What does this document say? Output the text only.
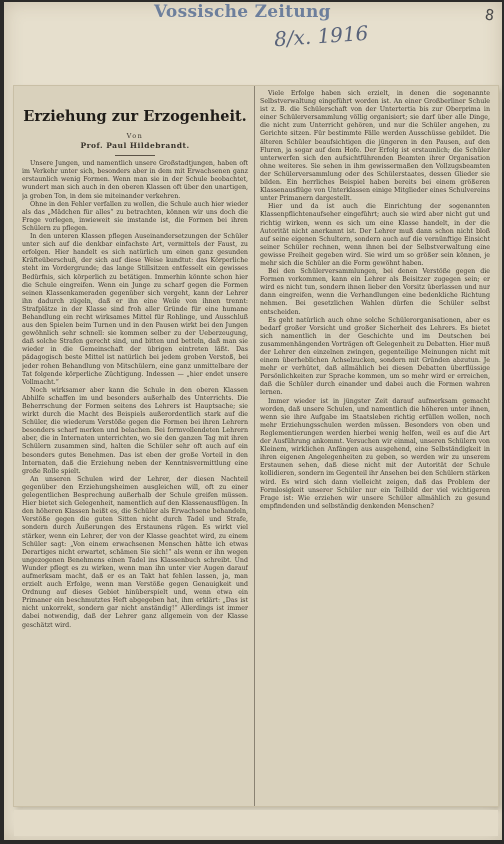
Vossische Zeitung
8/x. 1916
8
Erziehung zur Erzogenheit.
Von
Prof. Paul Hildebrandt.

Unsere Jungen, und namentlich unsere Großstadtjungen, haben oft im Verkehr unter sich, besonders aber in dem mit Erwachsenen ganz erstaunlich wenig Formen. Wenn man sie in der Schule beobachtet, wundert man sich auch in den oberen Klassen oft über den unartigen, ja groben Ton, in dem sie miteinander verkehren.

Ohne in den Fehler verfallen zu wollen, die Schule auch hier wieder als das „Mädchen für alles“ zu betrachten, können wir uns doch die Frage vorlegen, inwieweit sie imstande ist, die Formen bei ihren Schülern zu pflegen.

In den unteren Klassen pflegen Auseinandersetzungen der Schüler unter sich auf die denkbar einfachste Art, vermittels der Faust, zu erfolgen. Hier handelt es sich natürlich um einen ganz gesunden Kräfteüberschuß, der sich auf diese Weise kundtut: das Körperliche steht im Vordergrunde; das lange Stillsitzen entfesselt ein gewisses Bedürfnis, sich körperlich zu betätigen. Immerhin könnte schon hier die Schule eingreifen. Wenn ein Junge zu scharf gegen die Formen seinen Klassenkameraden gegenüber sich vergeht, kann der Lehrer ihn dadurch zügeln, daß er ihn eine Weile von ihnen trennt: Strafplätze in der Klasse sind froh aller Gründe für eine humane Behandlung ein recht wirksames Mittel für Rohlinge, und Ausschluß aus den Spielen beim Turnen und in den Pausen wirkt bei den Jungen gewöhnlich sehr schnell: sie kommen selber zu der Ueberzeugung, daß solche Strafen gerecht sind, und bitten und betteln, daß man sie wieder in die Gemeinschaft der übrigen eintreten läßt. Das pädagogisch beste Mittel ist natürlich bei jedem groben Verstoß, bei jeder rohen Behandlung von Mitschülern, eine ganz unmittelbare der Tat folgende körperliche Züchtigung. Indessen — „hier endet unsere Vollmacht.“

Noch wirksamer aber kann die Schule in den oberen Klassen Abhilfe schaffen im und besonders außerhalb des Unterrichts. Die Beherrschung der Formen seitens des Lehrers ist Hauptsache; sie wirkt durch die Macht des Beispiels außerordentlich stark auf die Schüler, die wiederum Verstöße gegen die Formen bei ihren Lehrern besonders scharf merken und belachen. Bei formvollendeten Lehrern aber, die in Internaten unterrichten, wo sie den ganzen Tag mit ihren Schülern zusammen sind, halten die Schüler sehr oft auch auf ein besonders gutes Benehmen. Das ist eben der große Vorteil in den Internaten, daß die Erziehung neben der Kenntnisvermittlung eine große Rolle spielt.

An unseren Schulen wird der Lehrer, der diesen Nachteil gegenüber den Erziehungsheimen ausgleichen will, oft zu einer gelegentlichen Besprechung außerhalb der Schule greifen müssen. Hier bietet sich Gelegenheit, namentlich auf den Klassenausflügen. In den höheren Klassen heißt es, die Schüler als Erwachsene behandeln, Verstöße gegen die guten Sitten nicht durch Tadel und Strafe, sondern durch Äußerungen des Erstaunens rügen. Es wirkt viel stärker, wenn ein Lehrer, der von der Klasse geachtet wird, zu einem Schüler sagt: „Von einem erwachsenen Menschen hätte ich etwas Derartiges nicht erwartet, schämen Sie sich!“ als wenn er ihn wegen ungezogenen Benehmens einen Tadel ins Klassenbuch schreibt. Und Wunder pflegt es zu wirken, wenn man ihn unter vier Augen darauf aufmerksam macht, daß er es an Takt hat fehlen lassen, ja, man erzielt auch Erfolge, wenn man Verstöße gegen Genauigkeit und Ordnung auf dieses Gebiet hinüberspielt und, wenn etwa ein Primaner ein beschmutztes Heft abgegeben hat, ihm erklärt: „Das ist nicht unkorrekt, sondern gar nicht anständig!“ Allerdings ist immer dabei notwendig, daß der Lehrer ganz allgemein von der Klasse geschätzt wird.

Viele Erfolge haben sich erzielt, in denen die sogenannte Selbstverwaltung eingeführt worden ist. An einer Großberliner Schule ist z. B. die Schülerschaft von der Untertertia bis zur Oberprima in einer Schülerversammlung völlig organisiert; sie darf über alle Dinge, die nicht zum Unterricht gehören, und nur die Schüler angehen, zu Gerichte sitzen. Für bestimmte Fälle werden Ausschüsse gebildet. Die älteren Schüler beaufsichtigen die jüngeren in den Pausen, auf den Fluren, ja sogar auf dem Hofe. Der Erfolg ist erstaunlich; die Schüler unterwerfen sich den aufsichtführenden Beamten ihrer Organisation ohne weiteres. Sie sehen in ihm gewissermaßen den Vollzugsbeamten der Schülerversammlung oder des Schülerstaates, dessen Glieder sie bilden. Ein herrliches Beispiel haben bereits bei einem größeren Klassenausflüge von Unterklassen einige Mitglieder eines Schulvereins unter Primanern dargestellt.

Hier und da ist auch die Einrichtung der sogenannten Klassenpflichtenaufseher eingeführt; auch sie wird aber nicht gut und richtig wirken, wenn es sich um eine Klasse handelt, in der die Autorität nicht anerkannt ist. Der Lehrer muß dann schon nicht bloß auf seine eigenen Schultern, sondern auch auf die vernünftige Einsicht seiner Schüler rechnen, wenn ihnen bei der Selbstverwaltung eine gewisse Freiheit gegeben wird. Sie wird um so größer sein können, je mehr sich die Schüler an die Form gewöhnt haben.

Bei den Schülerversammlungen, bei denen Verstöße gegen die Formen vorkommen, kann ein Lehrer als Beisitzer zugegen sein; er wird es nicht tun, sondern ihnen lieber den Vorsitz überlassen und nur dann eingreifen, wenn die Verhandlungen eine bedenkliche Richtung nehmen. Bei gesetzlichen Wahlen dürfen die Schüler selbst entscheiden.

Es geht natürlich auch ohne solche Schülerorganisationen, aber es bedarf großer Vorsicht und großer Sicherheit des Lehrers. Es bietet sich namentlich in der Geschichte und im Deutschen bei zusammenhängenden Vorträgen oft Gelegenheit zu Debatten. Hier muß der Lehrer den einzelnen zwingen, gegenteilige Meinungen nicht mit einem überheblichen Achselzucken, sondern mit Gründen abzutun. Je mehr er verhütet, daß allmählich bei diesen Debatten überflüssige Persönlichkeiten zur Sprache kommen, um so mehr wird er erreichen, daß die Schüler durch einander und dabei auch die Formen wahren lernen.

Immer wieder ist in jüngster Zeit darauf aufmerksam gemacht worden, daß unsere Schulen, und namentlich die höheren unter ihnen, wenn sie ihre Aufgabe im Staatsleben richtig erfüllen wollen, noch mehr Erziehungsschulen werden müssen. Besonders von oben und Reglementierungen werden hierbei wenig helfen, weil es auf die Art der Ausführung ankommt. Versuchen wir einmal, unseren Schülern von Kleinem, wirklichen Anfängen aus ausgehend, eine Selbständigkeit in ihren eigenen Angelegenheiten zu geben, so werden wir zu unserem Erstaunen sehen, daß diese nicht mit der Autorität der Schule kollidieren, sondern im Gegenteil ihr Ansehen bei den Schülern stärken wird. Es wird sich dann vielleicht zeigen, daß das Problem der Formlosigkeit unserer Schüler nur ein Teilbild der viel wichtigeren Frage ist: Wie erziehen wir unsere Schüler allmählich zu gesund empfindenden und selbständig denkenden Menschen?
